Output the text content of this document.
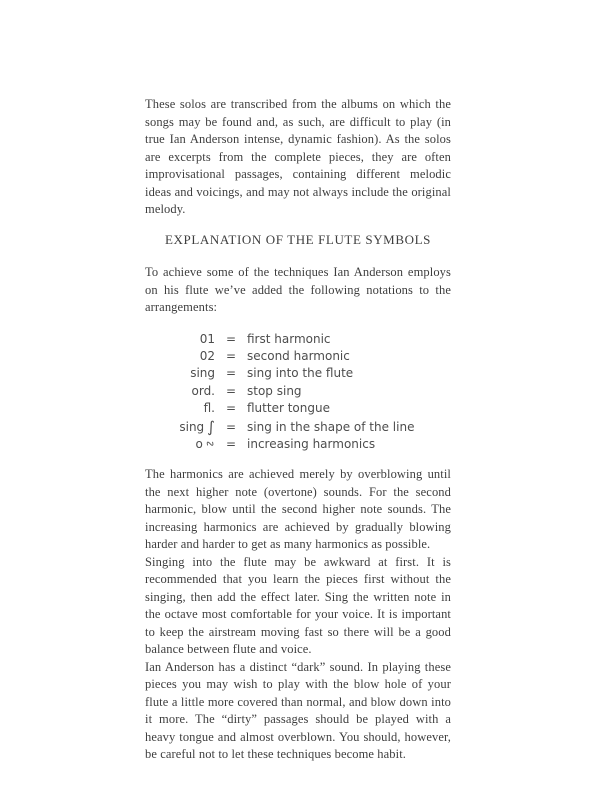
These solos are transcribed from the albums on which the songs may be found and, as such, are difficult to play (in true Ian Anderson intense, dynamic fashion). As the solos are excerpts from the complete pieces, they are often improvisational passages, containing different melodic ideas and voicings, and may not always include the original melody.

EXPLANATION OF THE FLUTE SYMBOLS

To achieve some of the techniques Ian Anderson employs on his flute we’ve added the following notations to the arrangements:

01 = first harmonic
02 = second harmonic
sing = sing into the flute
ord. = stop sing
fl. = flutter tongue
sing ∫ = sing in the shape of the line
o∿ = increasing harmonics

The harmonics are achieved merely by overblowing until the next higher note (overtone) sounds. For the second harmonic, blow until the second higher note sounds. The increasing harmonics are achieved by gradually blowing harder and harder to get as many harmonics as possible.

Singing into the flute may be awkward at first. It is recommended that you learn the pieces first without the singing, then add the effect later. Sing the written note in the octave most comfortable for your voice. It is important to keep the airstream moving fast so there will be a good balance between flute and voice.

Ian Anderson has a distinct “dark” sound. In playing these pieces you may wish to play with the blow hole of your flute a little more covered than normal, and blow down into it more. The “dirty” passages should be played with a heavy tongue and almost overblown. You should, however, be careful not to let these techniques become habit.
